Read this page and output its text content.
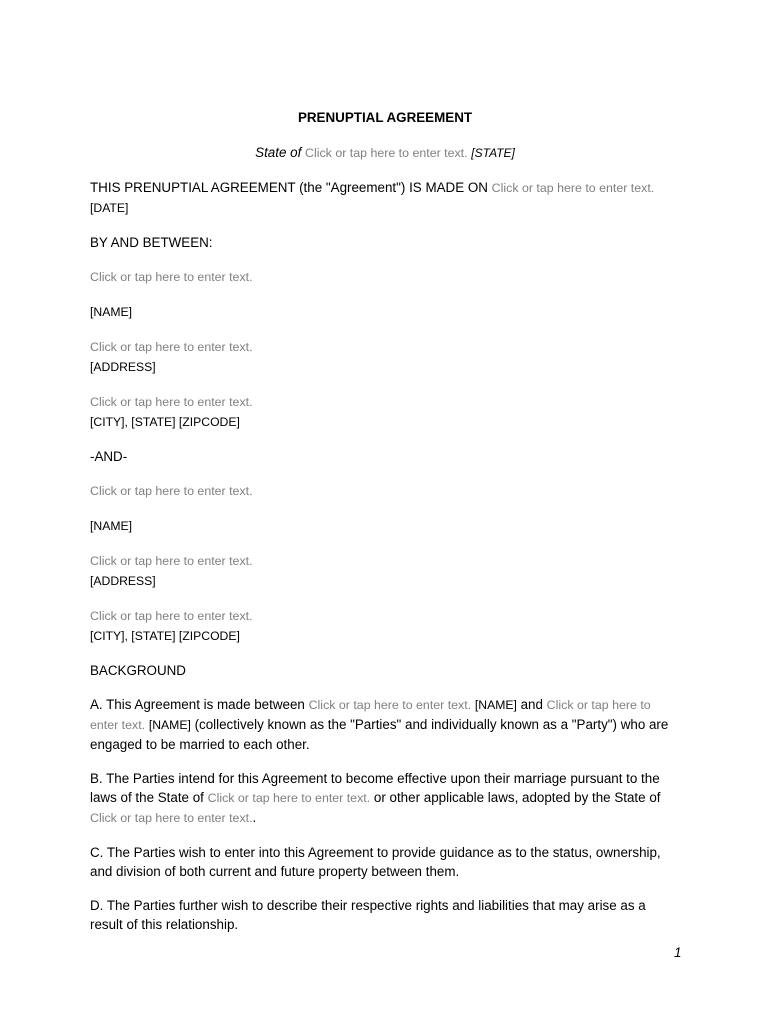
PRENUPTIAL AGREEMENT

State of Click or tap here to enter text. [STATE]

THIS PRENUPTIAL AGREEMENT (the "Agreement") IS MADE ON Click or tap here to enter text.
[DATE]

BY AND BETWEEN:

Click or tap here to enter text.

[NAME]

Click or tap here to enter text.
[ADDRESS]

Click or tap here to enter text.
[CITY], [STATE] [ZIPCODE]

-AND-

Click or tap here to enter text.

[NAME]

Click or tap here to enter text.
[ADDRESS]

Click or tap here to enter text.
[CITY], [STATE] [ZIPCODE]

BACKGROUND

A. This Agreement is made between Click or tap here to enter text. [NAME] and Click or tap here to enter text. [NAME] (collectively known as the "Parties" and individually known as a "Party") who are engaged to be married to each other.

B. The Parties intend for this Agreement to become effective upon their marriage pursuant to the laws of the State of Click or tap here to enter text. or other applicable laws, adopted by the State of Click or tap here to enter text..

C. The Parties wish to enter into this Agreement to provide guidance as to the status, ownership, and division of both current and future property between them.

D. The Parties further wish to describe their respective rights and liabilities that may arise as a result of this relationship.

1
